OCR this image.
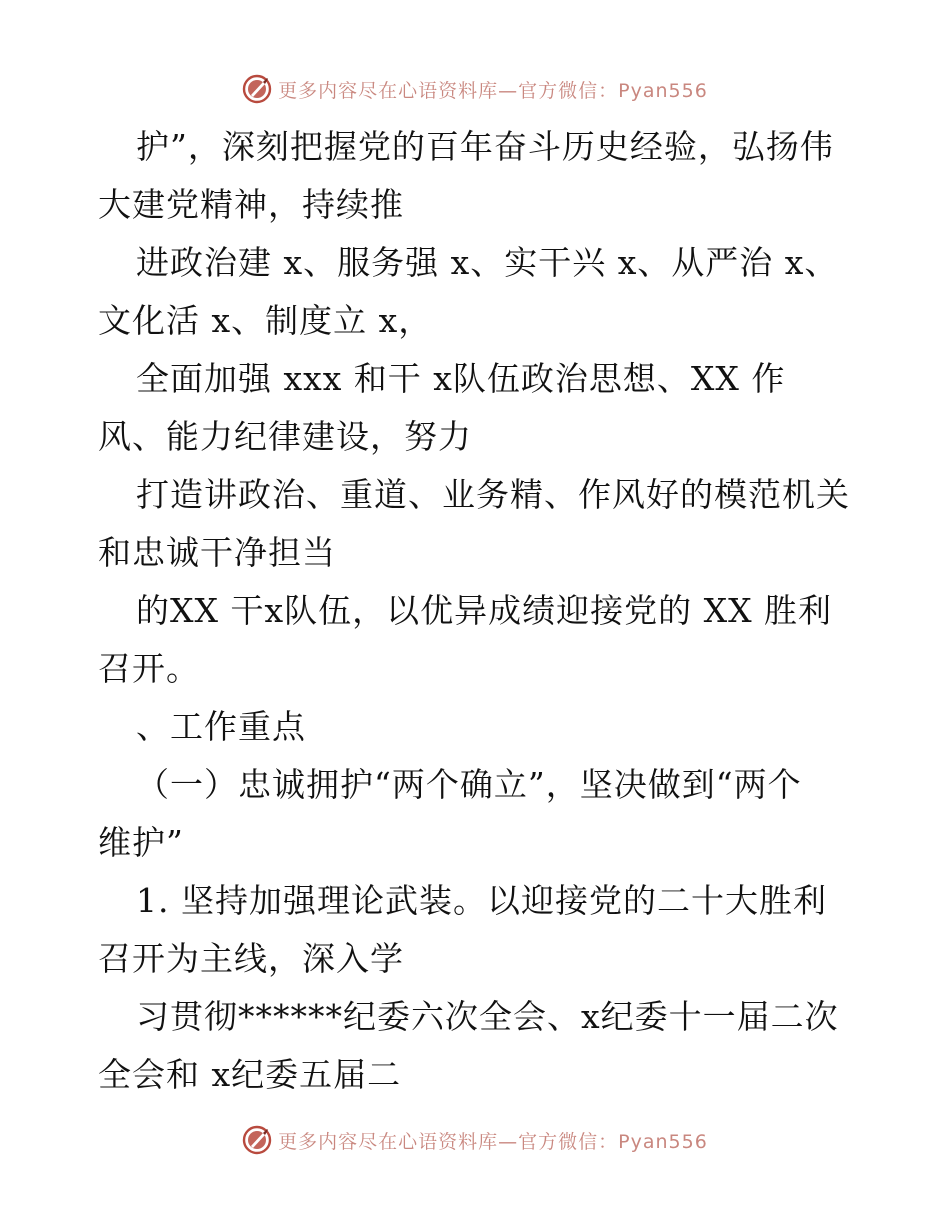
更多内容尽在心语资料库—官方微信：Pyan556
护”，深刻把握党的百年奋斗历史经验，弘扬伟
大建党精神，持续推
进政治建 x、服务强 x、实干兴 x、从严治 x、
文化活 x、制度立 x，
全面加强 xxx 和干 x队伍政治思想、XX 作
风、能力纪律建设，努力
打造讲政治、重道、业务精、作风好的模范机关
和忠诚干净担当
的XX 干x队伍，以优异成绩迎接党的 XX 胜利
召开。
、工作重点
（一）忠诚拥护“两个确立”，坚决做到“两个
维护”
1. 坚持加强理论武装。以迎接党的二十大胜利
召开为主线，深入学
习贯彻******纪委六次全会、x纪委十一届二次
全会和 x纪委五届二
更多内容尽在心语资料库—官方微信：Pyan556
